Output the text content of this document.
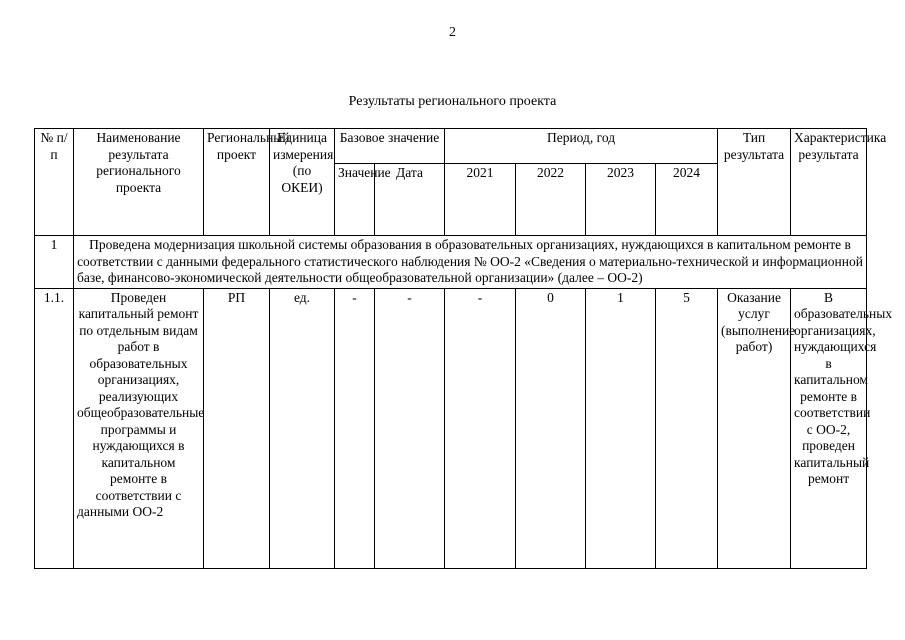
2
Результаты регионального проекта
№ п/п	Наименование результата регионального проекта	Региональный проект	Единица измерения (по ОКЕИ)	Базовое значение		Период, год				Тип результата	Характеристика результата
				Значение	Дата	2021	2022	2023	2024		
1	Проведена модернизация школьной системы образования в образовательных организациях, нуждающихся в капитальном ремонте в соответствии с данными федерального статистического наблюдения № ОО-2 «Сведения о материально-технической и информационной базе, финансово-экономической деятельности общеобразовательной организации» (далее – ОО-2)										
1.1.	Проведен капитальный ремонт по отдельным видам работ в образовательных организациях, реализующих общеобразовательные программы и нуждающихся в капитальном ремонте в соответствии с данными ОО-2	РП	ед.	-	-	-	0	1	5	Оказание услуг (выполнение работ)	В образовательных организациях, нуждающихся в капитальном ремонте в соответствии с ОО-2, проведен капитальный ремонт
